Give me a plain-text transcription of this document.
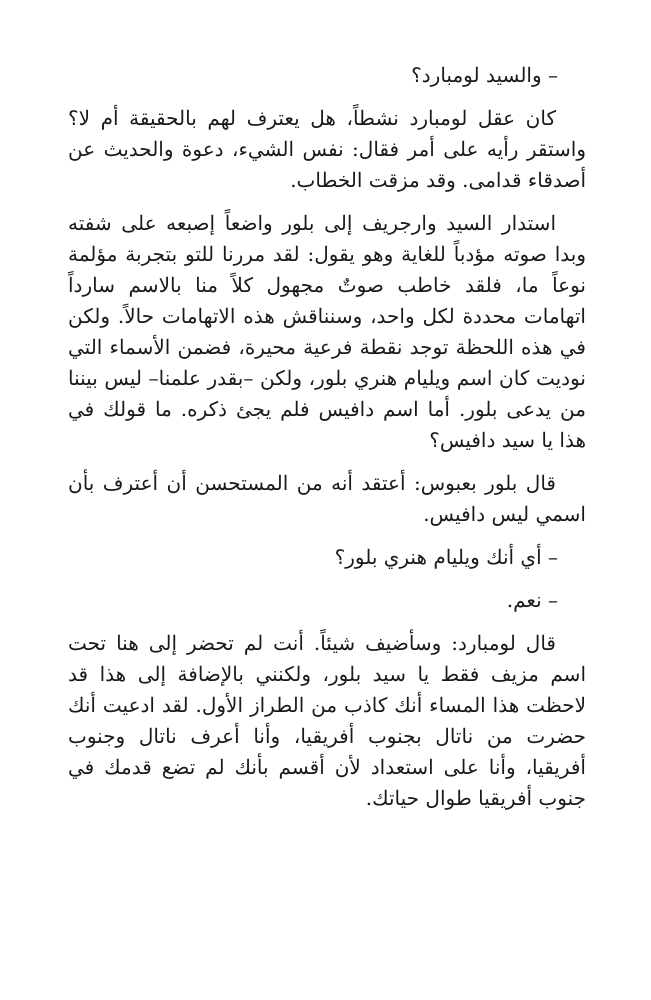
– والسيد لومبارد؟

كان عقل لومبارد نشطاً، هل يعترف لهم بالحقيقة أم لا؟ واستقر رأيه على أمر فقال: نفس الشيء، دعوة والحديث عن أصدقاء قدامى. وقد مزقت الخطاب.

استدار السيد وارجريف إلى بلور واضعاً إصبعه على شفته وبدا صوته مؤدباً للغاية وهو يقول: لقد مررنا للتو بتجربة مؤلمة نوعاً ما، فلقد خاطب صوتٌ مجهول كلاً منا بالاسم سارداً اتهامات محددة لكل واحد، وسنناقش هذه الاتهامات حالاً. ولكن في هذه اللحظة توجد نقطة فرعية محيرة، فضمن الأسماء التي نوديت كان اسم ويليام هنري بلور، ولكن –بقدر علمنا– ليس بيننا من يدعى بلور. أما اسم دافيس فلم يجئ ذكره. ما قولك في هذا يا سيد دافيس؟

قال بلور بعبوس: أعتقد أنه من المستحسن أن أعترف بأن اسمي ليس دافيس.

– أي أنك ويليام هنري بلور؟

– نعم.

قال لومبارد: وسأضيف شيئاً. أنت لم تحضر إلى هنا تحت اسم مزيف فقط يا سيد بلور، ولكنني بالإضافة إلى هذا قد لاحظت هذا المساء أنك كاذب من الطراز الأول. لقد ادعيت أنك حضرت من ناتال بجنوب أفريقيا، وأنا أعرف ناتال وجنوب أفريقيا، وأنا على استعداد لأن أقسم بأنك لم تضع قدمك في جنوب أفريقيا طوال حياتك.
